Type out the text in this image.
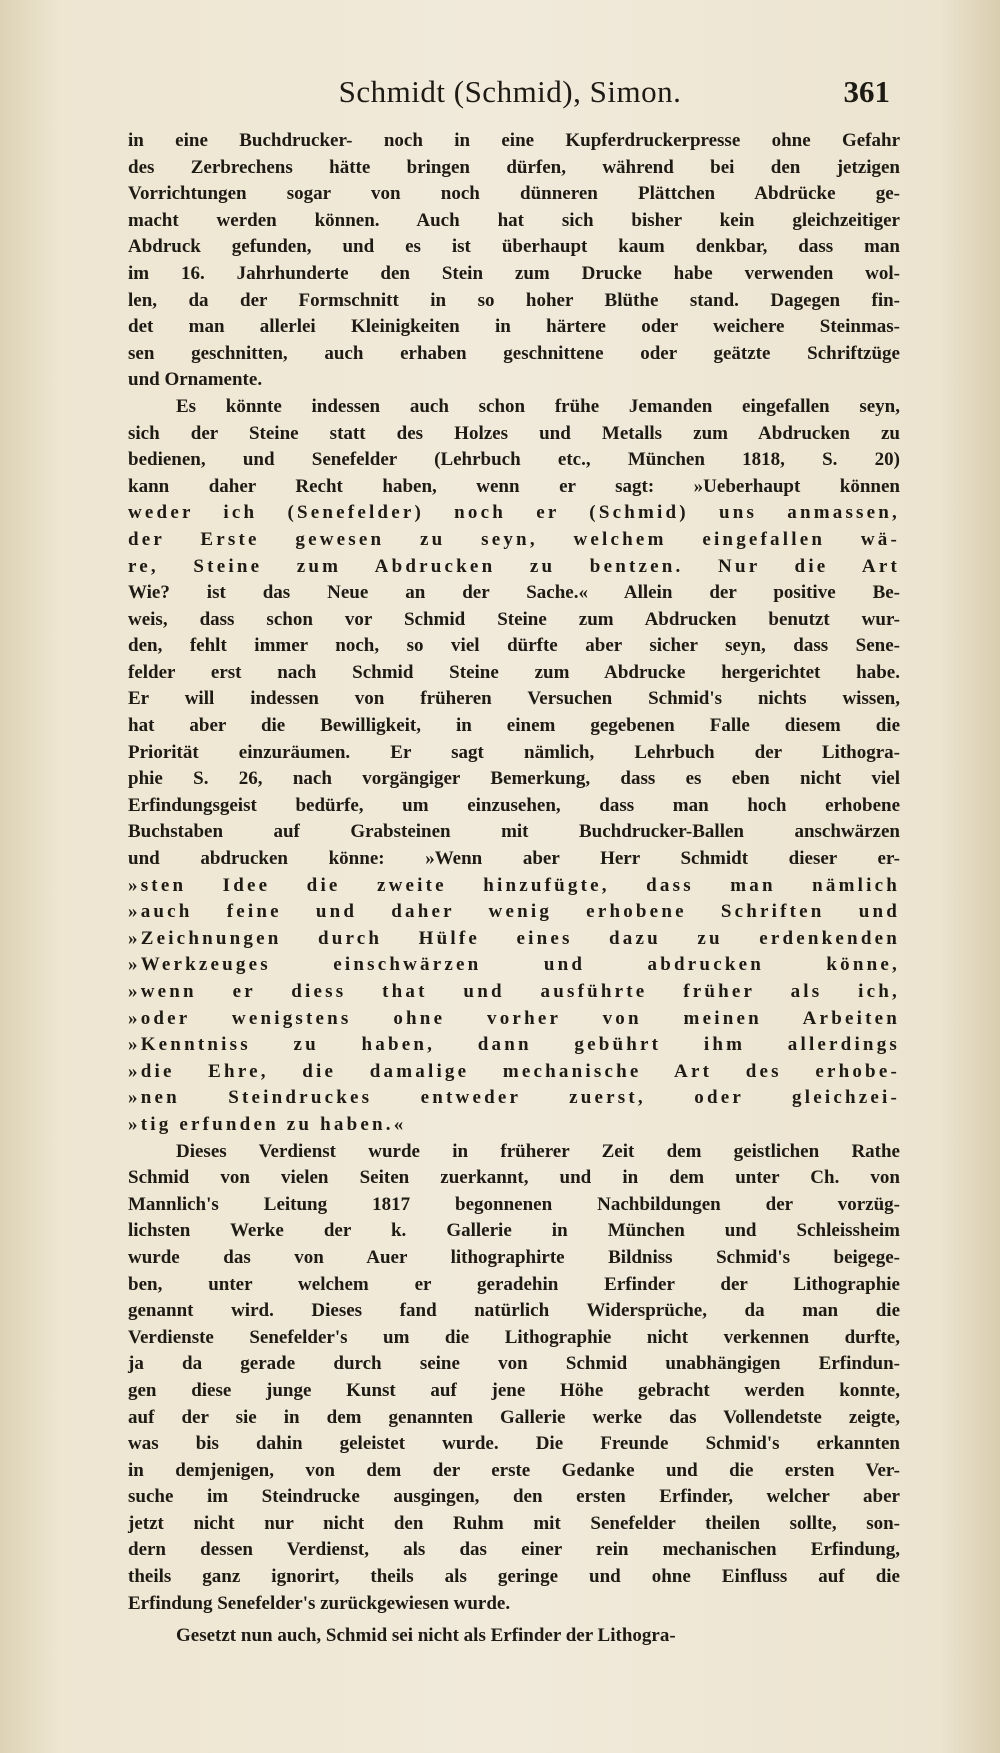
Schmidt (Schmid), Simon.	361
in eine Buchdrucker- noch in eine Kupferdruckerpresse ohne Gefahr
des Zerbrechens hätte bringen dürfen, während bei den jetzigen
Vorrichtungen sogar von noch dünneren Plättchen Abdrücke ge-
macht werden können. Auch hat sich bisher kein gleichzeitiger
Abdruck gefunden, und es ist überhaupt kaum denkbar, dass man
im 16. Jahrhunderte den Stein zum Drucke habe verwenden wol-
len, da der Formschnitt in so hoher Blüthe stand. Dagegen fin-
det man allerlei Kleinigkeiten in härtere oder weichere Steinmas-
sen geschnitten, auch erhaben geschnittene oder geätzte Schriftzüge
und Ornamente.
Es könnte indessen auch schon frühe Jemanden eingefallen seyn,
sich der Steine statt des Holzes und Metalls zum Abdrucken zu
bedienen, und Senefelder (Lehrbuch etc., München 1818, S. 20)
kann daher Recht haben, wenn er sagt: »Ueberhaupt können
weder ich (Senefelder) noch er (Schmid) uns anmassen,
der Erste gewesen zu seyn, welchem eingefallen wä-
re, Steine zum Abdrucken zu bentzen. Nur die Art
Wie? ist das Neue an der Sache.« Allein der positive Be-
weis, dass schon vor Schmid Steine zum Abdrucken benutzt wur-
den, fehlt immer noch, so viel dürfte aber sicher seyn, dass Sene-
felder erst nach Schmid Steine zum Abdrucke hergerichtet habe.
Er will indessen von früheren Versuchen Schmid's nichts wissen,
hat aber die Bewilligkeit, in einem gegebenen Falle diesem die
Priorität einzuräumen. Er sagt nämlich, Lehrbuch der Lithogra-
phie S. 26, nach vorgängiger Bemerkung, dass es eben nicht viel
Erfindungsgeist bedürfe, um einzusehen, dass man hoch erhobene
Buchstaben auf Grabsteinen mit Buchdrucker-Ballen anschwärzen
und abdrucken könne: »Wenn aber Herr Schmidt dieser er-
»sten Idee die zweite hinzufügte, dass man nämlich
»auch feine und daher wenig erhobene Schriften und
»Zeichnungen durch Hülfe eines dazu zu erdenkenden
»Werkzeuges einschwärzen und abdrucken könne,
»wenn er diess that und ausführte früher als ich,
»oder wenigstens ohne vorher von meinen Arbeiten
»Kenntniss zu haben, dann gebührt ihm allerdings
»die Ehre, die damalige mechanische Art des erhobe-
»nen Steindruckes entweder zuerst, oder gleichzei-
»tig erfunden zu haben.«
Dieses Verdienst wurde in früherer Zeit dem geistlichen Rathe
Schmid von vielen Seiten zuerkannt, und in dem unter Ch. von
Mannlich's Leitung 1817 begonnenen Nachbildungen der vorzüg-
lichsten Werke der k. Gallerie in München und Schleissheim
wurde das von Auer lithographirte Bildniss Schmid's beigege-
ben, unter welchem er geradehin Erfinder der Lithographie
genannt wird. Dieses fand natürlich Widersprüche, da man die
Verdienste Senefelder's um die Lithographie nicht verkennen durfte,
ja da gerade durch seine von Schmid unabhängigen Erfindun-
gen diese junge Kunst auf jene Höhe gebracht werden konnte,
auf der sie in dem genannten Gallerie werke das Vollendetste zeigte,
was bis dahin geleistet wurde. Die Freunde Schmid's erkannten
in demjenigen, von dem der erste Gedanke und die ersten Ver-
suche im Steindrucke ausgingen, den ersten Erfinder, welcher aber
jetzt nicht nur nicht den Ruhm mit Senefelder theilen sollte, son-
dern dessen Verdienst, als das einer rein mechanischen Erfindung,
theils ganz ignorirt, theils als geringe und ohne Einfluss auf die
Erfindung Senefelder's zurückgewiesen wurde.
Gesetzt nun auch, Schmid sei nicht als Erfinder der Lithogra-
